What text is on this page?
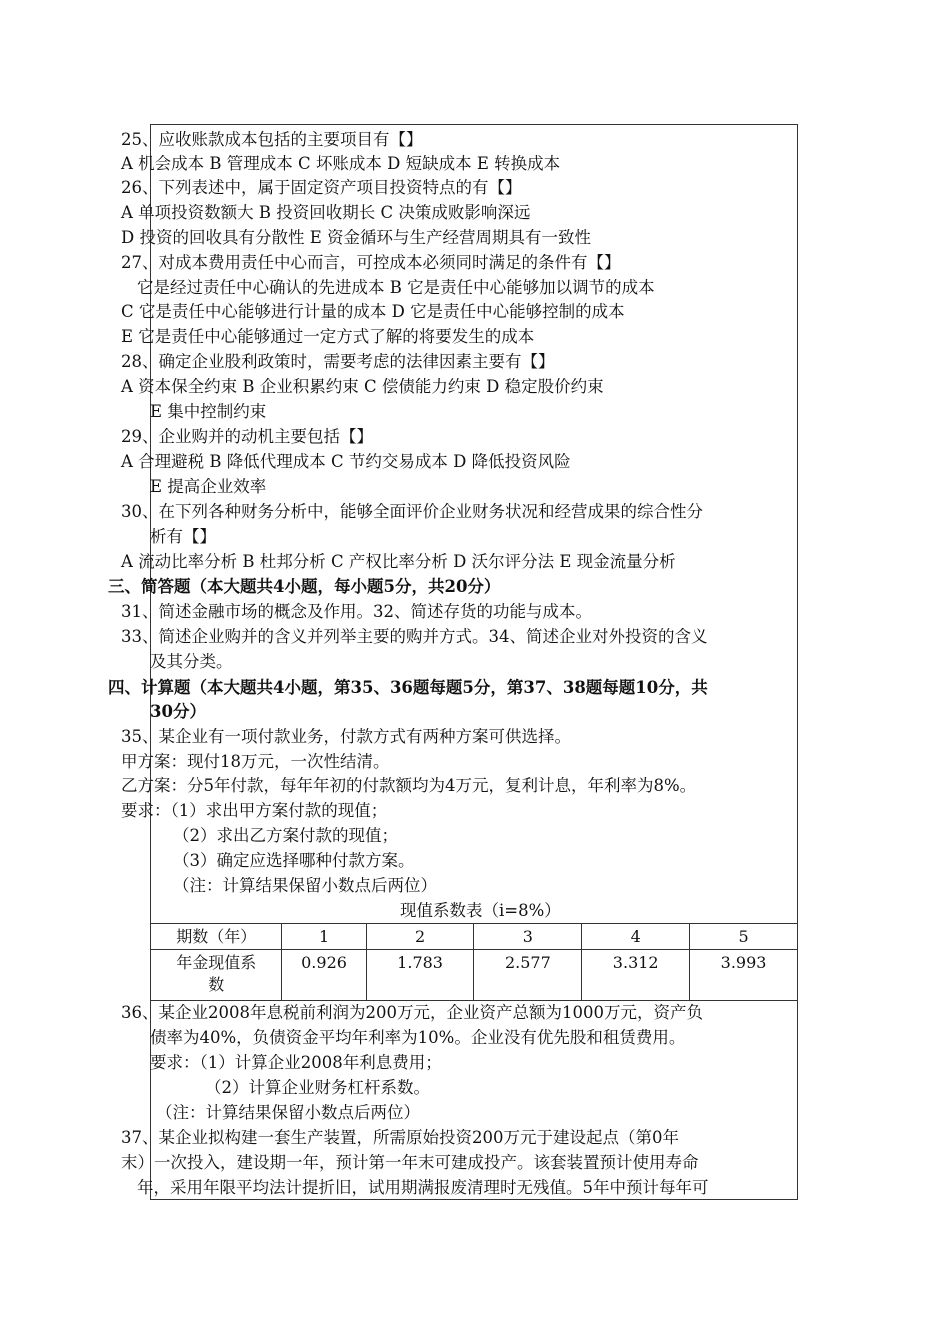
25、应收账款成本包括的主要项目有【】
A 机会成本 B 管理成本 C 坏账成本 D 短缺成本 E 转换成本
26、下列表述中，属于固定资产项目投资特点的有【】
A 单项投资数额大 B 投资回收期长 C 决策成败影响深远
D 投资的回收具有分散性 E 资金循环与生产经营周期具有一致性
27、对成本费用责任中心而言，可控成本必须同时满足的条件有【】
它是经过责任中心确认的先进成本 B 它是责任中心能够加以调节的成本
C 它是责任中心能够进行计量的成本 D 它是责任中心能够控制的成本
E 它是责任中心能够通过一定方式了解的将要发生的成本
28、确定企业股利政策时，需要考虑的法律因素主要有【】
A 资本保全约束 B 企业积累约束 C 偿债能力约束 D 稳定股价约束
E 集中控制约束
29、企业购并的动机主要包括【】
A 合理避税 B 降低代理成本 C 节约交易成本 D 降低投资风险
E 提高企业效率
30、在下列各种财务分析中，能够全面评价企业财务状况和经营成果的综合性分
析有【】
A 流动比率分析 B 杜邦分析 C 产权比率分析 D 沃尔评分法 E 现金流量分析
三、简答题（本大题共4小题，每小题5分，共20分）
31、简述金融市场的概念及作用。32、简述存货的功能与成本。
33、简述企业购并的含义并列举主要的购并方式。34、简述企业对外投资的含义
及其分类。
四、计算题（本大题共4小题，第35、36题每题5分，第37、38题每题10分，共
30分）
35、某企业有一项付款业务，付款方式有两种方案可供选择。
甲方案：现付18万元，一次性结清。
乙方案：分5年付款，每年年初的付款额均为4万元，复利计息，年利率为8%。
要求：（1）求出甲方案付款的现值；
（2）求出乙方案付款的现值；
（3）确定应选择哪种付款方案。
（注：计算结果保留小数点后两位）
现值系数表（i=8%）
期数（年）	1	2	3	4	5

年金现值系
数	0.926	1.783	2.577	3.312	3.993
36、某企业2008年息税前利润为200万元，企业资产总额为1000万元，资产负
债率为40%，负债资金平均年利率为10%。企业没有优先股和租赁费用。
要求：（1）计算企业2008年利息费用；
（2）计算企业财务杠杆系数。
（注：计算结果保留小数点后两位）
37、某企业拟构建一套生产装置，所需原始投资200万元于建设起点（第0年
末）一次投入，建设期一年，预计第一年末可建成投产。该套装置预计使用寿命
年，采用年限平均法计提折旧，试用期满报废清理时无残值。5年中预计每年可
